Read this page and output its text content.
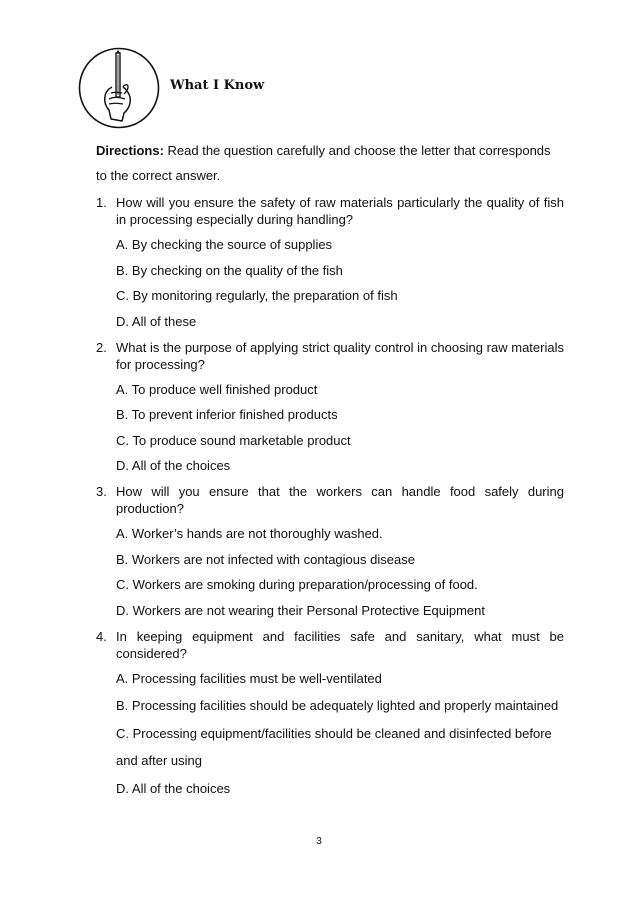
What I Know
Directions: Read the question carefully and choose the letter that corresponds to the correct answer.
1. How will you ensure the safety of raw materials particularly the quality of fish in processing especially during handling?
A. By checking the source of supplies
B. By checking on the quality of the fish
C. By monitoring regularly, the preparation of fish
D. All of these
2. What is the purpose of applying strict quality control in choosing raw materials for processing?
A. To produce well finished product
B. To prevent inferior finished products
C. To produce sound marketable product
D. All of the choices
3. How will you ensure that the workers can handle food safely during production?
A. Worker’s hands are not thoroughly washed.
B. Workers are not infected with contagious disease
C. Workers are smoking during preparation/processing of food.
D. Workers are not wearing their Personal Protective Equipment
4. In keeping equipment and facilities safe and sanitary, what must be considered?
A. Processing facilities must be well-ventilated
B. Processing facilities should be adequately lighted and properly maintained
C. Processing equipment/facilities should be cleaned and disinfected before
and after using
D. All of the choices
3
